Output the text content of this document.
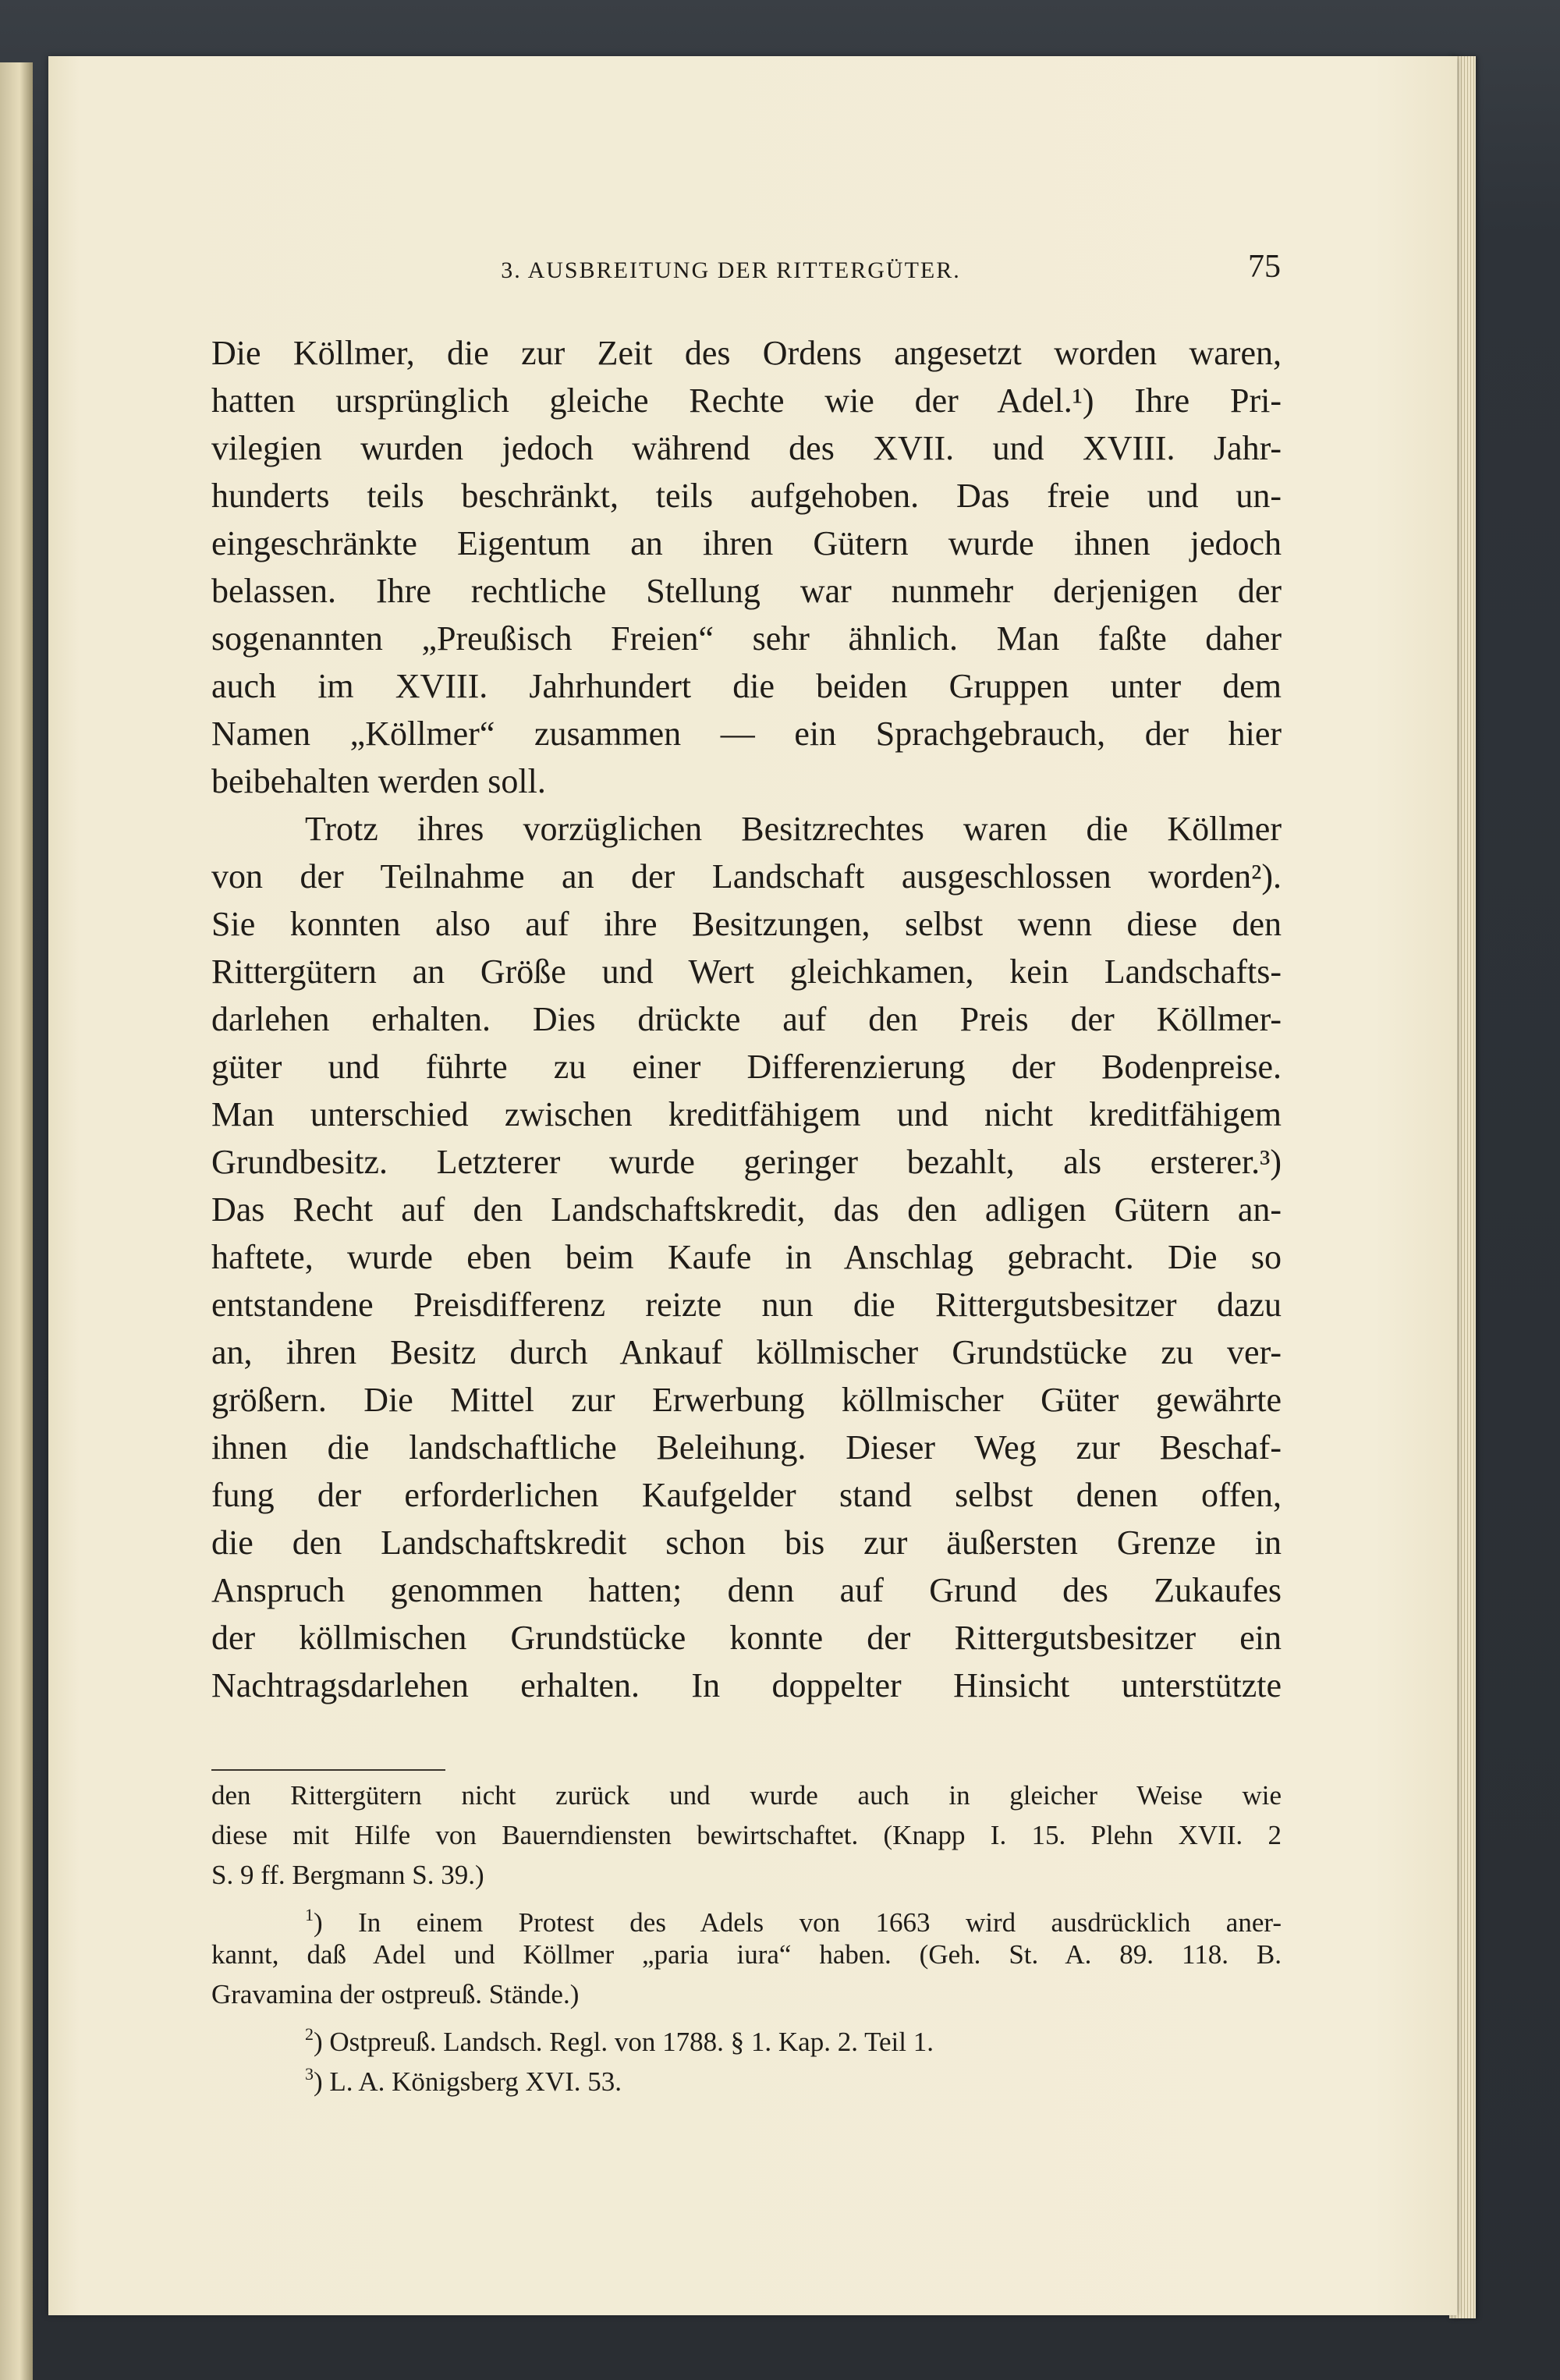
3. AUSBREITUNG DER RITTERGÜTER.	75
Die Köllmer, die zur Zeit des Ordens angesetzt worden waren,
hatten ursprünglich gleiche Rechte wie der Adel.¹) Ihre Pri-
vilegien wurden jedoch während des XVII. und XVIII. Jahr-
hunderts teils beschränkt, teils aufgehoben. Das freie und un-
eingeschränkte Eigentum an ihren Gütern wurde ihnen jedoch
belassen. Ihre rechtliche Stellung war nunmehr derjenigen der
sogenannten „Preußisch Freien“ sehr ähnlich. Man faßte daher
auch im XVIII. Jahrhundert die beiden Gruppen unter dem
Namen „Köllmer“ zusammen — ein Sprachgebrauch, der hier
beibehalten werden soll.
Trotz ihres vorzüglichen Besitzrechtes waren die Köllmer
von der Teilnahme an der Landschaft ausgeschlossen worden²).
Sie konnten also auf ihre Besitzungen, selbst wenn diese den
Rittergütern an Größe und Wert gleichkamen, kein Landschafts-
darlehen erhalten. Dies drückte auf den Preis der Köllmer-
güter und führte zu einer Differenzierung der Bodenpreise.
Man unterschied zwischen kreditfähigem und nicht kreditfähigem
Grundbesitz. Letzterer wurde geringer bezahlt, als ersterer.³)
Das Recht auf den Landschaftskredit, das den adligen Gütern an-
haftete, wurde eben beim Kaufe in Anschlag gebracht. Die so
entstandene Preisdifferenz reizte nun die Rittergutsbesitzer dazu
an, ihren Besitz durch Ankauf köllmischer Grundstücke zu ver-
größern. Die Mittel zur Erwerbung köllmischer Güter gewährte
ihnen die landschaftliche Beleihung. Dieser Weg zur Beschaf-
fung der erforderlichen Kaufgelder stand selbst denen offen,
die den Landschaftskredit schon bis zur äußersten Grenze in
Anspruch genommen hatten; denn auf Grund des Zukaufes
der köllmischen Grundstücke konnte der Rittergutsbesitzer ein
Nachtragsdarlehen erhalten. In doppelter Hinsicht unterstützte
den Rittergütern nicht zurück und wurde auch in gleicher Weise wie
diese mit Hilfe von Bauerndiensten bewirtschaftet. (Knapp I. 15. Plehn XVII. 2
S. 9 ff. Bergmann S. 39.)
$^1$) In einem Protest des Adels von 1663 wird ausdrücklich aner-
kannt, daß Adel und Köllmer „paria iura“ haben. (Geh. St. A. 89. 118. B.
Gravamina der ostpreuß. Stände.)
$^2$) Ostpreuß. Landsch. Regl. von 1788. § 1. Kap. 2. Teil 1.
$^3$) L. A. Königsberg XVI. 53.
